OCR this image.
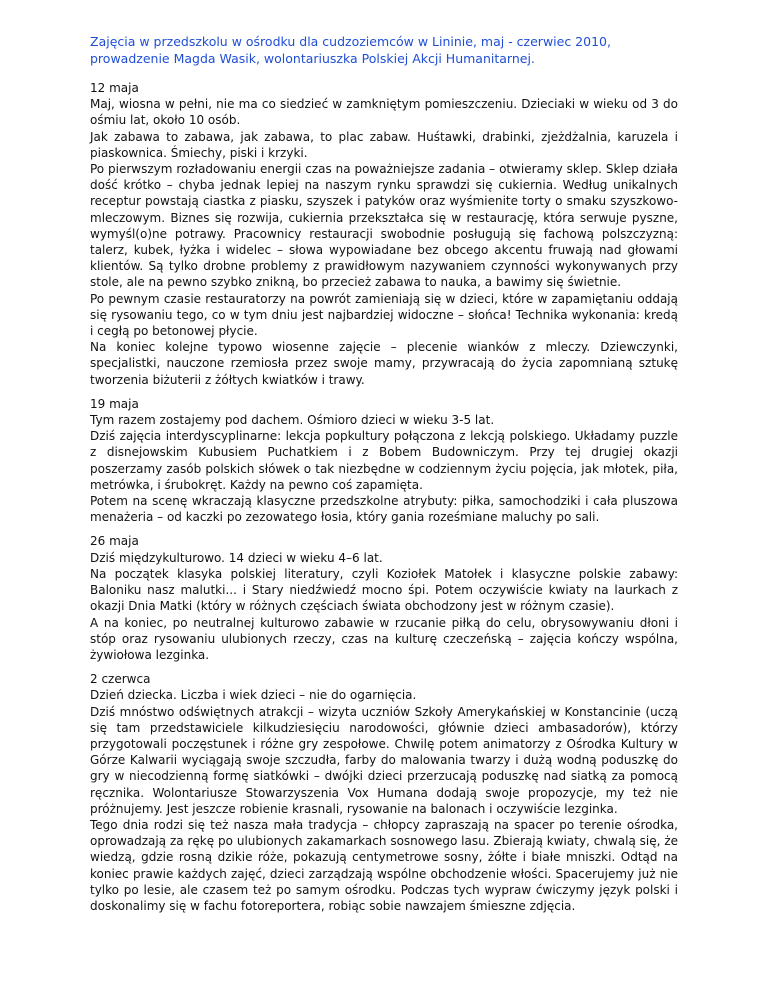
Zajęcia w przedszkolu w ośrodku dla cudzoziemców w Lininie, maj - czerwiec 2010,
prowadzenie Magda Wasik, wolontariuszka Polskiej Akcji Humanitarnej.
12 maja
Maj, wiosna w pełni, nie ma co siedzieć w zamkniętym pomieszczeniu. Dzieciaki w wieku od 3 do ośmiu lat, około 10 osób.
Jak zabawa to zabawa, jak zabawa, to plac zabaw. Huśtawki, drabinki, zjeżdżalnia, karuzela i piaskownica. Śmiechy, piski i krzyki.
Po pierwszym rozładowaniu energii czas na poważniejsze zadania – otwieramy sklep. Sklep działa dość krótko – chyba jednak lepiej na naszym rynku sprawdzi się cukiernia. Według unikalnych receptur powstają ciastka z piasku, szyszek i patyków oraz wyśmienite torty o smaku szyszkowo-mleczowym. Biznes się rozwija, cukiernia przekształca się w restaurację, która serwuje pyszne, wymyśl(o)ne potrawy. Pracownicy restauracji swobodnie posługują się fachową polszczyzną: talerz, kubek, łyżka i widelec – słowa wypowiadane bez obcego akcentu fruwają nad głowami klientów. Są tylko drobne problemy z prawidłowym nazywaniem czynności wykonywanych przy stole, ale na pewno szybko znikną, bo przecież zabawa to nauka, a bawimy się świetnie.
Po pewnym czasie restauratorzy na powrót zamieniają się w dzieci, które w zapamiętaniu oddają się rysowaniu tego, co w tym dniu jest najbardziej widoczne – słońca! Technika wykonania: kredą i cegłą po betonowej płycie.
Na koniec kolejne typowo wiosenne zajęcie – plecenie wianków z mleczy. Dziewczynki, specjalistki, nauczone rzemiosła przez swoje mamy, przywracają do życia zapomnianą sztukę tworzenia biżuterii z żółtych kwiatków i trawy.
19 maja
Tym razem zostajemy pod dachem. Ośmioro dzieci w wieku 3-5 lat.
Dziś zajęcia interdyscyplinarne: lekcja popkultury połączona z lekcją polskiego. Układamy puzzle z disnejowskim Kubusiem Puchatkiem i z Bobem Budowniczym. Przy tej drugiej okazji poszerzamy zasób polskich słówek o tak niezbędne w codziennym życiu pojęcia, jak młotek, piła, metrówka, i śrubokręt. Każdy na pewno coś zapamięta.
Potem na scenę wkraczają klasyczne przedszkolne atrybuty: piłka, samochodziki i cała pluszowa menażeria – od kaczki po zezowatego łosia, który gania roześmiane maluchy po sali.
26 maja
Dziś międzykulturowo. 14 dzieci w wieku 4–6 lat.
Na początek klasyka polskiej literatury, czyli Koziołek Matołek i klasyczne polskie zabawy: Baloniku nasz malutki... i Stary niedźwiedź mocno śpi. Potem oczywiście kwiaty na laurkach z okazji Dnia Matki (który w różnych częściach świata obchodzony jest w różnym czasie).
A na koniec, po neutralnej kulturowo zabawie w rzucanie piłką do celu, obrysowywaniu dłoni i stóp oraz rysowaniu ulubionych rzeczy, czas na kulturę czeczeńską – zajęcia kończy wspólna, żywiołowa lezginka.
2 czerwca
Dzień dziecka. Liczba i wiek dzieci – nie do ogarnięcia.
Dziś mnóstwo odświętnych atrakcji – wizyta uczniów Szkoły Amerykańskiej w Konstancinie (uczą się tam przedstawiciele kilkudziesięciu narodowości, głównie dzieci ambasadorów), którzy przygotowali poczęstunek i różne gry zespołowe. Chwilę potem animatorzy z Ośrodka Kultury w Górze Kalwarii wyciągają swoje szczudła, farby do malowania twarzy i dużą wodną poduszkę do gry w niecodzienną formę siatkówki – dwójki dzieci przerzucają poduszkę nad siatką za pomocą ręcznika. Wolontariusze Stowarzyszenia Vox Humana dodają swoje propozycje, my też nie próżnujemy. Jest jeszcze robienie krasnali, rysowanie na balonach i oczywiście lezginka.
Tego dnia rodzi się też nasza mała tradycja – chłopcy zapraszają na spacer po terenie ośrodka, oprowadzają za rękę po ulubionych zakamarkach sosnowego lasu. Zbierają kwiaty, chwalą się, że wiedzą, gdzie rosną dzikie róże, pokazują centymetrowe sosny, żółte i białe mniszki. Odtąd na koniec prawie każdych zajęć, dzieci zarządzają wspólne obchodzenie włości. Spacerujemy już nie tylko po lesie, ale czasem też po samym ośrodku. Podczas tych wypraw ćwiczymy język polski i doskonalimy się w fachu fotoreportera, robiąc sobie nawzajem śmieszne zdjęcia.
